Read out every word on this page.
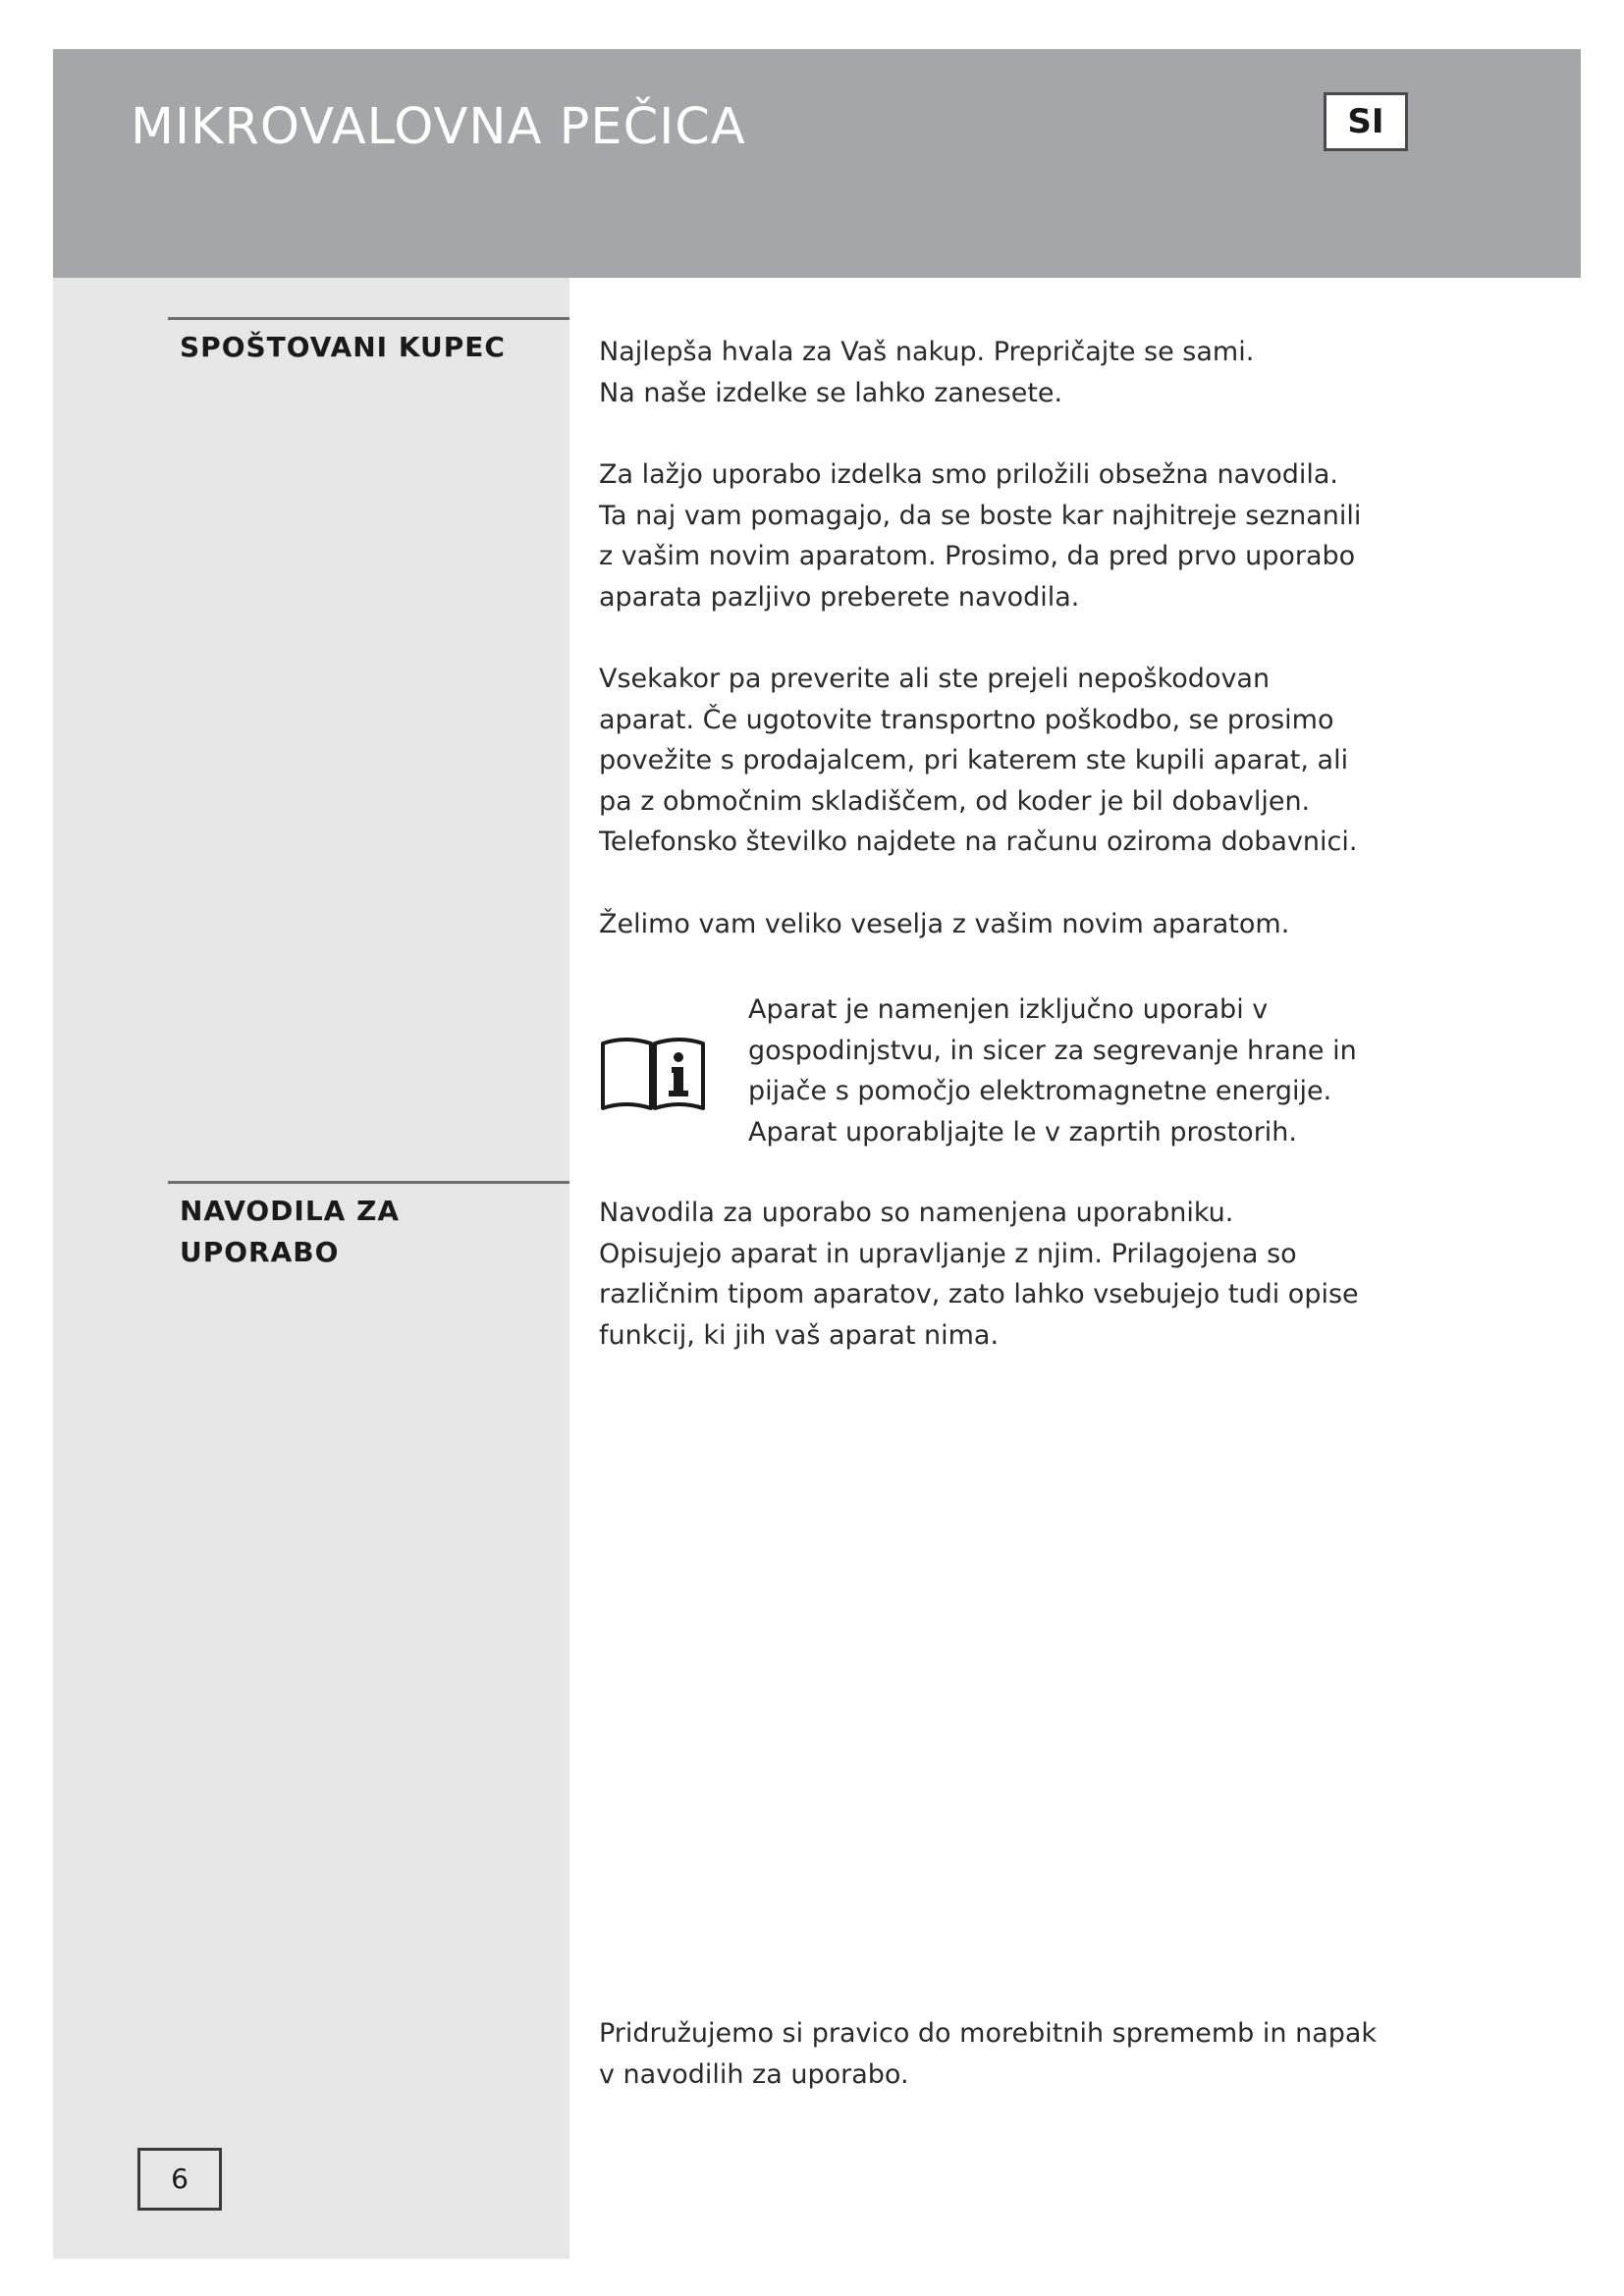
MIKROVALOVNA PEČICA	SI
SPOŠTOVANI KUPEC	Najlepša hvala za Vaš nakup. Prepričajte se sami.
Na naše izdelke se lahko zanesete.

Za lažjo uporabo izdelka smo priložili obsežna navodila.
Ta naj vam pomagajo, da se boste kar najhitreje seznanili
z vašim novim aparatom. Prosimo, da pred prvo uporabo
aparata pazljivo preberete navodila.

Vsekakor pa preverite ali ste prejeli nepoškodovan
aparat. Če ugotovite transportno poškodbo, se prosimo
povežite s prodajalcem, pri katerem ste kupili aparat, ali
pa z območnim skladiščem, od koder je bil dobavljen.
Telefonsko številko najdete na računu oziroma dobavnici.

Želimo vam veliko veselja z vašim novim aparatom.

Aparat je namenjen izključno uporabi v
gospodinjstvu, in sicer za segrevanje hrane in
pijače s pomočjo elektromagnetne energije.
Aparat uporabljajte le v zaprtih prostorih.

NAVODILA ZA
UPORABO

Navodila za uporabo so namenjena uporabniku.
Opisujejo aparat in upravljanje z njim. Prilagojena so
različnim tipom aparatov, zato lahko vsebujejo tudi opise
funkcij, ki jih vaš aparat nima.

Pridružujemo si pravico do morebitnih sprememb in napak
v navodilih za uporabo.

6
